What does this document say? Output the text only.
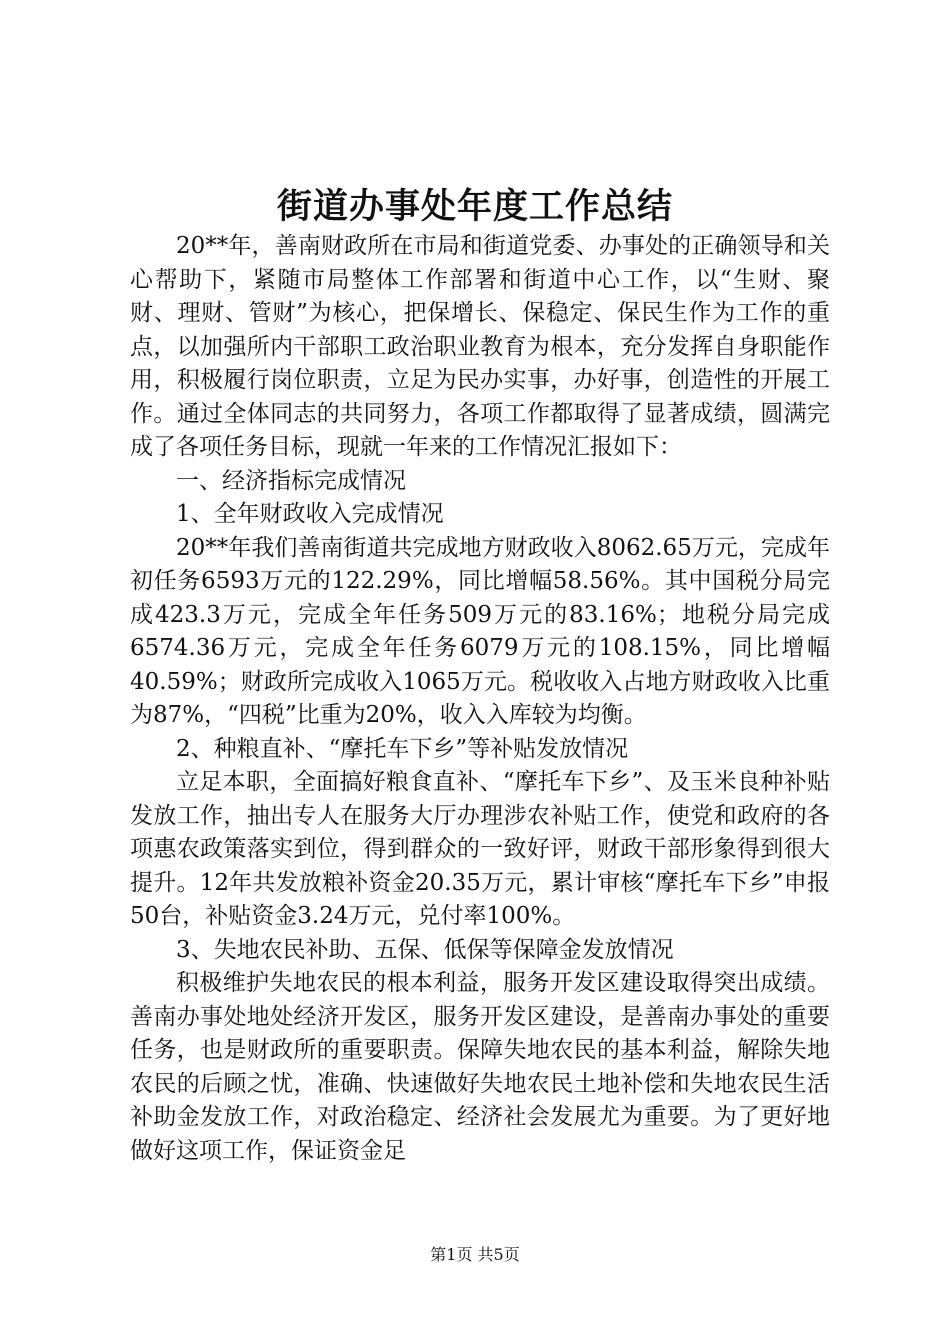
街道办事处年度工作总结

20**年，善南财政所在市局和街道党委、办事处的正确领导和关心帮助下，紧随市局整体工作部署和街道中心工作，以“生财、聚财、理财、管财”为核心，把保增长、保稳定、保民生作为工作的重点，以加强所内干部职工政治职业教育为根本，充分发挥自身职能作用，积极履行岗位职责，立足为民办实事，办好事，创造性的开展工作。通过全体同志的共同努力，各项工作都取得了显著成绩，圆满完成了各项任务目标，现就一年来的工作情况汇报如下：

一、经济指标完成情况

1、全年财政收入完成情况

20**年我们善南街道共完成地方财政收入8062.65万元，完成年初任务6593万元的122.29%，同比增幅58.56%。其中国税分局完成423.3万元，完成全年任务509万元的83.16%；地税分局完成6574.36万元，完成全年任务6079万元的108.15%，同比增幅40.59%；财政所完成收入1065万元。税收收入占地方财政收入比重为87%，“四税”比重为20%，收入入库较为均衡。

2、种粮直补、“摩托车下乡”等补贴发放情况

立足本职，全面搞好粮食直补、“摩托车下乡”、及玉米良种补贴发放工作，抽出专人在服务大厅办理涉农补贴工作，使党和政府的各项惠农政策落实到位，得到群众的一致好评，财政干部形象得到很大提升。12年共发放粮补资金20.35万元，累计审核“摩托车下乡”申报50台，补贴资金3.24万元，兑付率100%。

3、失地农民补助、五保、低保等保障金发放情况

积极维护失地农民的根本利益，服务开发区建设取得突出成绩。善南办事处地处经济开发区，服务开发区建设，是善南办事处的重要任务，也是财政所的重要职责。保障失地农民的基本利益，解除失地农民的后顾之忧，准确、快速做好失地农民土地补偿和失地农民生活补助金发放工作，对政治稳定、经济社会发展尤为重要。为了更好地做好这项工作，保证资金足

第1页 共5页
